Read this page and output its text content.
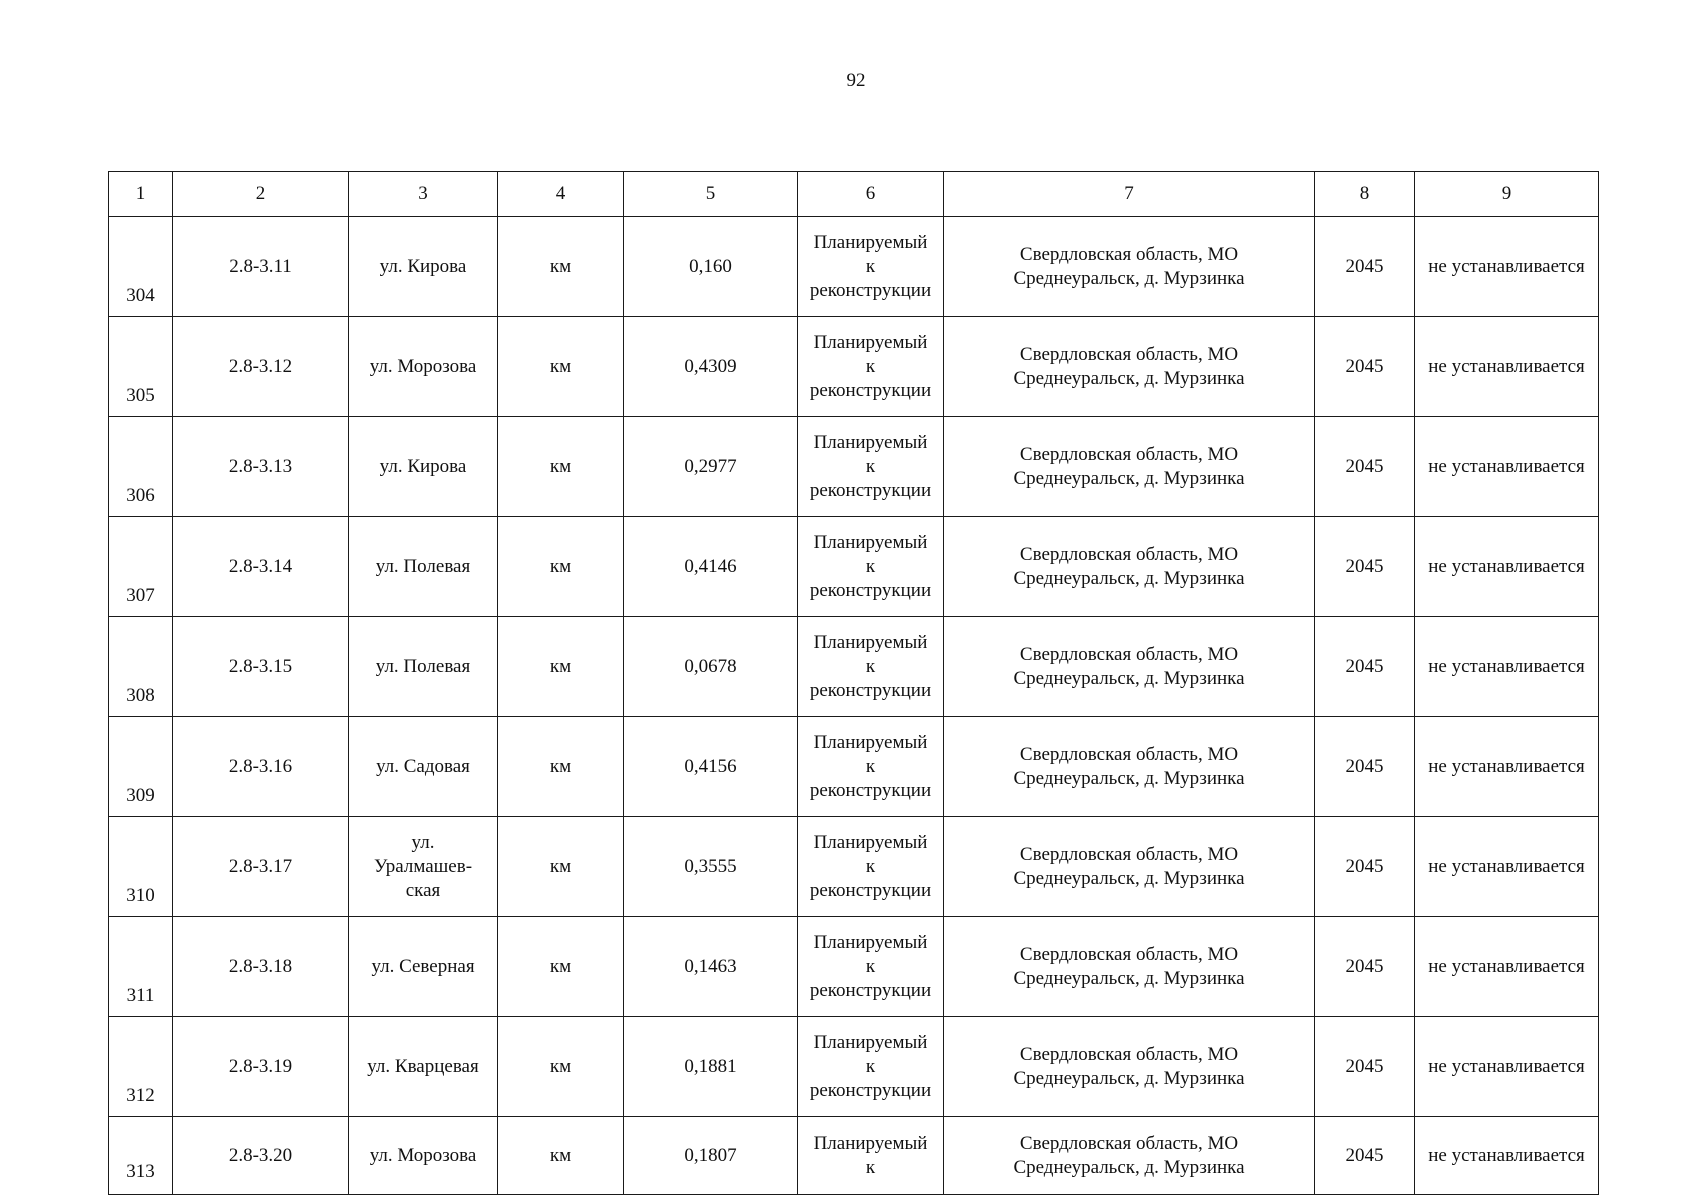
92
1	2	3	4	5	6	7	8	9
304	2.8-3.11	ул. Кирова	км	0,160	Планируемый
к
реконструкции	Свердловская область, МО
Среднеуральск, д. Мурзинка	2045	не устанавливается
305	2.8-3.12	ул. Морозова	км	0,4309	Планируемый
к
реконструкции	Свердловская область, МО
Среднеуральск, д. Мурзинка	2045	не устанавливается
306	2.8-3.13	ул. Кирова	км	0,2977	Планируемый
к
реконструкции	Свердловская область, МО
Среднеуральск, д. Мурзинка	2045	не устанавливается
307	2.8-3.14	ул. Полевая	км	0,4146	Планируемый
к
реконструкции	Свердловская область, МО
Среднеуральск, д. Мурзинка	2045	не устанавливается
308	2.8-3.15	ул. Полевая	км	0,0678	Планируемый
к
реконструкции	Свердловская область, МО
Среднеуральск, д. Мурзинка	2045	не устанавливается
309	2.8-3.16	ул. Садовая	км	0,4156	Планируемый
к
реконструкции	Свердловская область, МО
Среднеуральск, д. Мурзинка	2045	не устанавливается
310	2.8-3.17	ул.
Уралмашев-
ская	км	0,3555	Планируемый
к
реконструкции	Свердловская область, МО
Среднеуральск, д. Мурзинка	2045	не устанавливается
311	2.8-3.18	ул. Северная	км	0,1463	Планируемый
к
реконструкции	Свердловская область, МО
Среднеуральск, д. Мурзинка	2045	не устанавливается
312	2.8-3.19	ул. Кварцевая	км	0,1881	Планируемый
к
реконструкции	Свердловская область, МО
Среднеуральск, д. Мурзинка	2045	не устанавливается
313	2.8-3.20	ул. Морозова	км	0,1807	Планируемый
к	Свердловская область, МО
Среднеуральск, д. Мурзинка	2045	не устанавливается
